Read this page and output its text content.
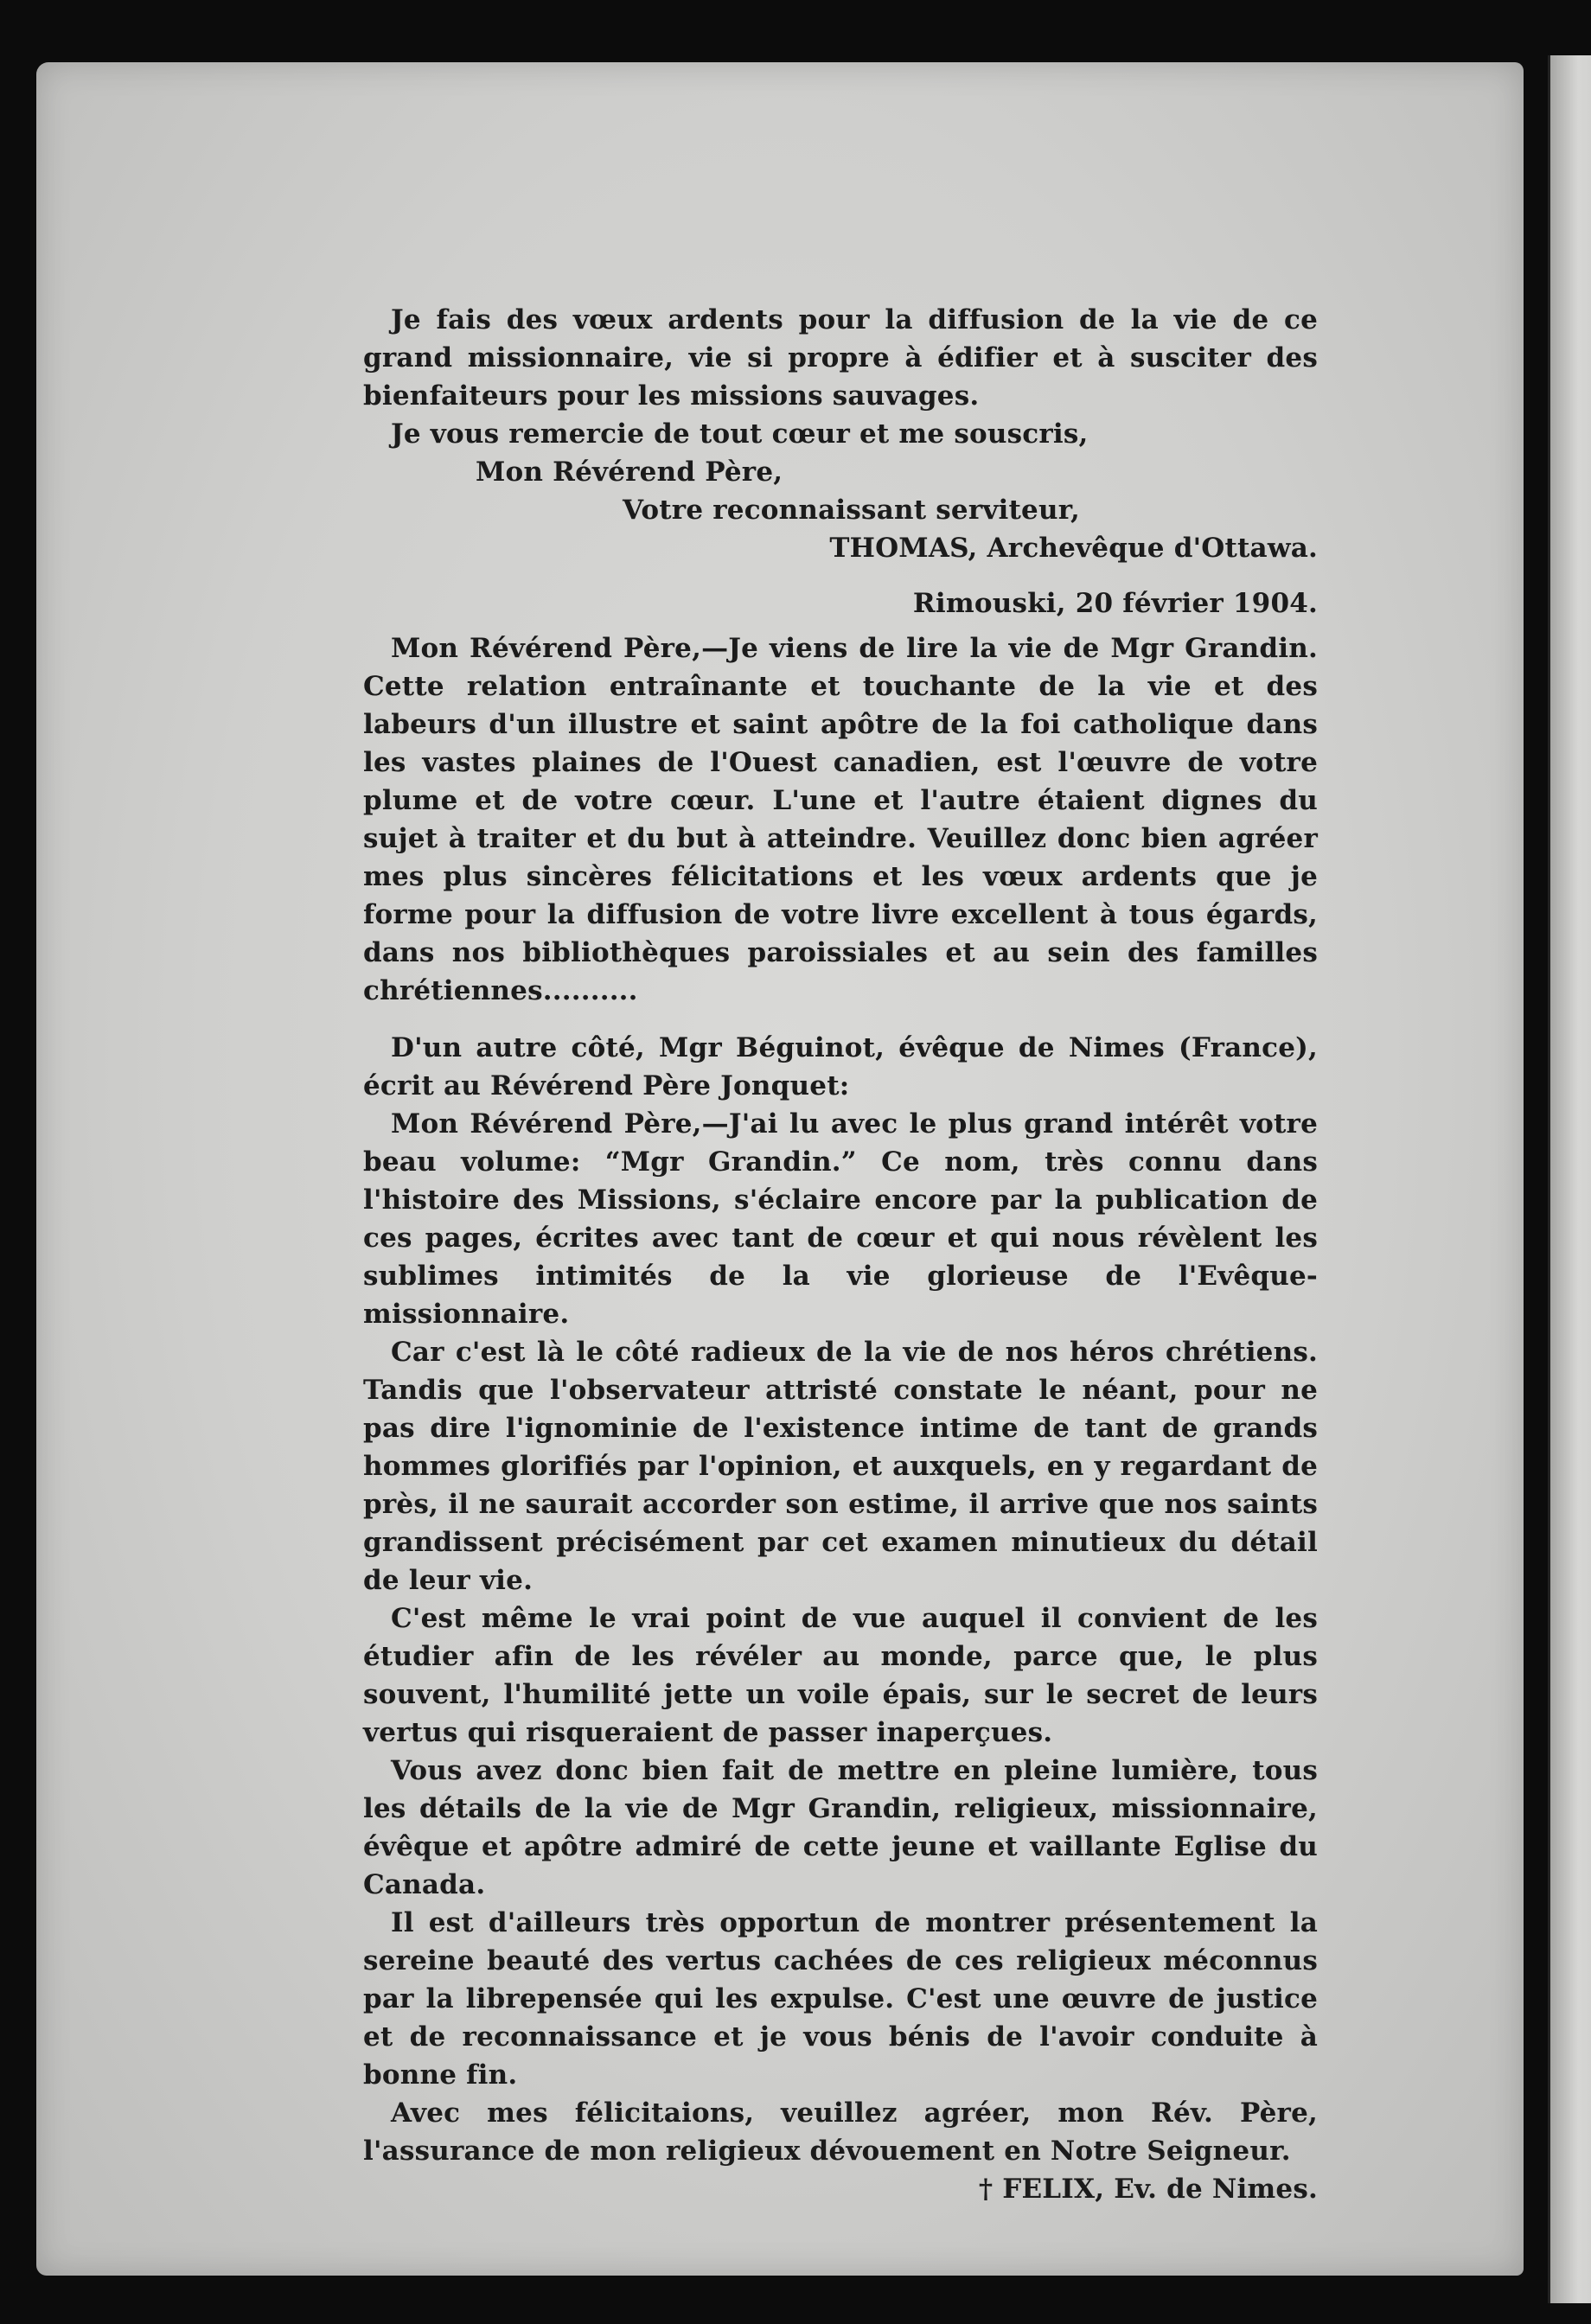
Je fais des vœux ardents pour la diffusion de la vie de ce grand missionnaire, vie si propre à édifier et à susciter des bienfaiteurs pour les missions sauvages.

Je vous remercie de tout cœur et me souscris,

Mon Révérend Père,
Votre reconnaissant serviteur,
THOMAS, Archevêque d'Ottawa.
Rimouski, 20 février 1904.

Mon Révérend Père,—Je viens de lire la vie de Mgr Grandin. Cette relation entraînante et touchante de la vie et des labeurs d'un illustre et saint apôtre de la foi catholique dans les vastes plaines de l'Ouest canadien, est l'œuvre de votre plume et de votre cœur. L'une et l'autre étaient dignes du sujet à traiter et du but à atteindre. Veuillez donc bien agréer mes plus sincères félicitations et les vœux ardents que je forme pour la diffusion de votre livre excellent à tous égards, dans nos bibliothèques paroissiales et au sein des familles chrétiennes..........

D'un autre côté, Mgr Béguinot, évêque de Nimes (France), écrit au Révérend Père Jonquet:

Mon Révérend Père,—J'ai lu avec le plus grand intérêt votre beau volume: “Mgr Grandin.” Ce nom, très connu dans l'histoire des Missions, s'éclaire encore par la publication de ces pages, écrites avec tant de cœur et qui nous révèlent les sublimes intimités de la vie glorieuse de l'Evêque-missionnaire.

Car c'est là le côté radieux de la vie de nos héros chrétiens. Tandis que l'observateur attristé constate le néant, pour ne pas dire l'ignominie de l'existence intime de tant de grands hommes glorifiés par l'opinion, et auxquels, en y regardant de près, il ne saurait accorder son estime, il arrive que nos saints grandissent précisément par cet examen minutieux du détail de leur vie.

C'est même le vrai point de vue auquel il convient de les étudier afin de les révéler au monde, parce que, le plus souvent, l'humilité jette un voile épais, sur le secret de leurs vertus qui risqueraient de passer inaperçues.

Vous avez donc bien fait de mettre en pleine lumière, tous les détails de la vie de Mgr Grandin, religieux, missionnaire, évêque et apôtre admiré de cette jeune et vaillante Eglise du Canada.

Il est d'ailleurs très opportun de montrer présentement la sereine beauté des vertus cachées de ces religieux méconnus par la librepensée qui les expulse. C'est une œuvre de justice et de reconnaissance et je vous bénis de l'avoir conduite à bonne fin.

Avec mes félicitaions, veuillez agréer, mon Rév. Père, l'assurance de mon religieux dévouement en Notre Seigneur.

† FELIX, Ev. de Nimes.
